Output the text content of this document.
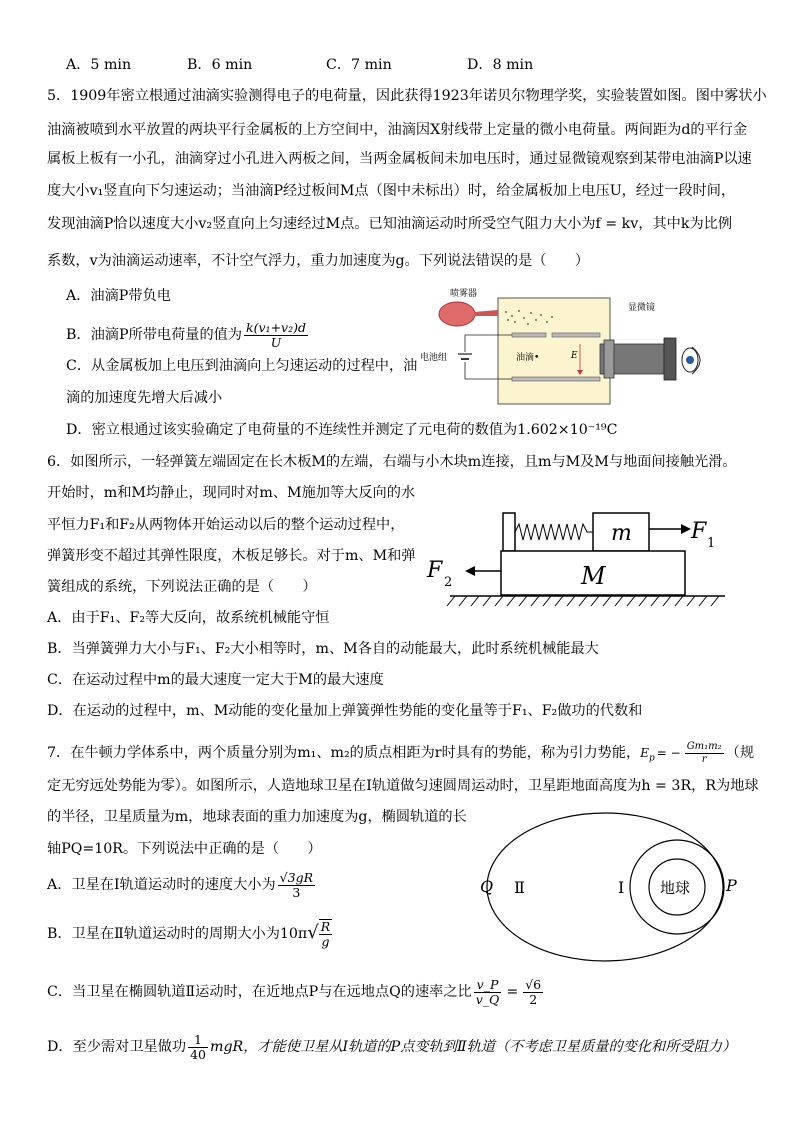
A．5 min	B．6 min	C．7 min	D．8 min
5．1909年密立根通过油滴实验测得电子的电荷量，因此获得1923年诺贝尔物理学奖，实验装置如图。图中雾状小
油滴被喷到水平放置的两块平行金属板的上方空间中，油滴因X射线带上定量的微小电荷量。两间距为d的平行金
属板上板有一小孔，油滴穿过小孔进入两板之间，当两金属板间未加电压时，通过显微镜观察到某带电油滴P以速
度大小v₁竖直向下匀速运动；当油滴P经过板间M点（图中未标出）时，给金属板加上电压U，经过一段时间，
发现油滴P恰以速度大小v₂竖直向上匀速经过M点。已知油滴运动时所受空气阻力大小为f = kv，其中k为比例
系数，v为油滴运动速率，不计空气浮力，重力加速度为g。下列说法错误的是（　　）
A．油滴P带负电
B．油滴P所带电荷量的值为 $\frac{\text{k(v₁+v₂)d}}{U}$
C．从金属板加上电压到油滴向上匀速运动的过程中，油
滴的加速度先增大后减小
D．密立根通过该实验确定了电荷量的不连续性并测定了元电荷的数值为1.602×10⁻¹⁹C
喷雾器
油滴•	E
电池组
显微镜
6．如图所示，一轻弹簧左端固定在长木板M的左端，右端与小木块m连接，且m与M及M与地面间接触光滑。
开始时，m和M均静止，现同时对m、M施加等大反向的水
平恒力F₁和F₂从两物体开始运动以后的整个运动过程中，
弹簧形变不超过其弹性限度，木板足够长。对于m、M和弹
簧组成的系统，下列说法正确的是（　　）
A．由于F₁、F₂等大反向，故系统机械能守恒
B．当弹簧弹力大小与F₁、F₂大小相等时，m、M各自的动能最大，此时系统机械能最大
C．在运动过程中m的最大速度一定大于M的最大速度
D．在运动的过程中，m、M动能的变化量加上弹簧弹性势能的变化量等于F₁、F₂做功的代数和
m	F 1
M
F 2
7．在牛顿力学体系中，两个质量分别为m₁、m₂的质点相距为r时具有的势能，称为引力势能，$E_p$ = − $\frac{\text{Gm₁m₂}}{r}$ （规
定无穷远处势能为零）。如图所示，人造地球卫星在Ⅰ轨道做匀速圆周运动时，卫星距地面高度为h = 3R，R为地球
的半径，卫星质量为m，地球表面的重力加速度为g，椭圆轨道的长
轴PQ=10R。下列说法中正确的是（　　）
A．卫星在Ⅰ轨道运动时的速度大小为 $\frac{√3gR}{3}$
B．卫星在Ⅱ轨道运动时的周期大小为$10\pi√ \frac{R}{g}$
C．当卫星在椭圆轨道Ⅱ运动时，在近地点P与在远地点Q的速率之比 $\frac{v\_P}{v\_Q} = \frac{√6}{2}$
D．至少需对卫星做功 $\frac{1}{40}$ mgR，才能使卫星从Ⅰ轨道的P点变轨到Ⅱ轨道（不考虑卫星质量的变化和所受阻力）
地球
Q Ⅱ	Ⅰ	P
